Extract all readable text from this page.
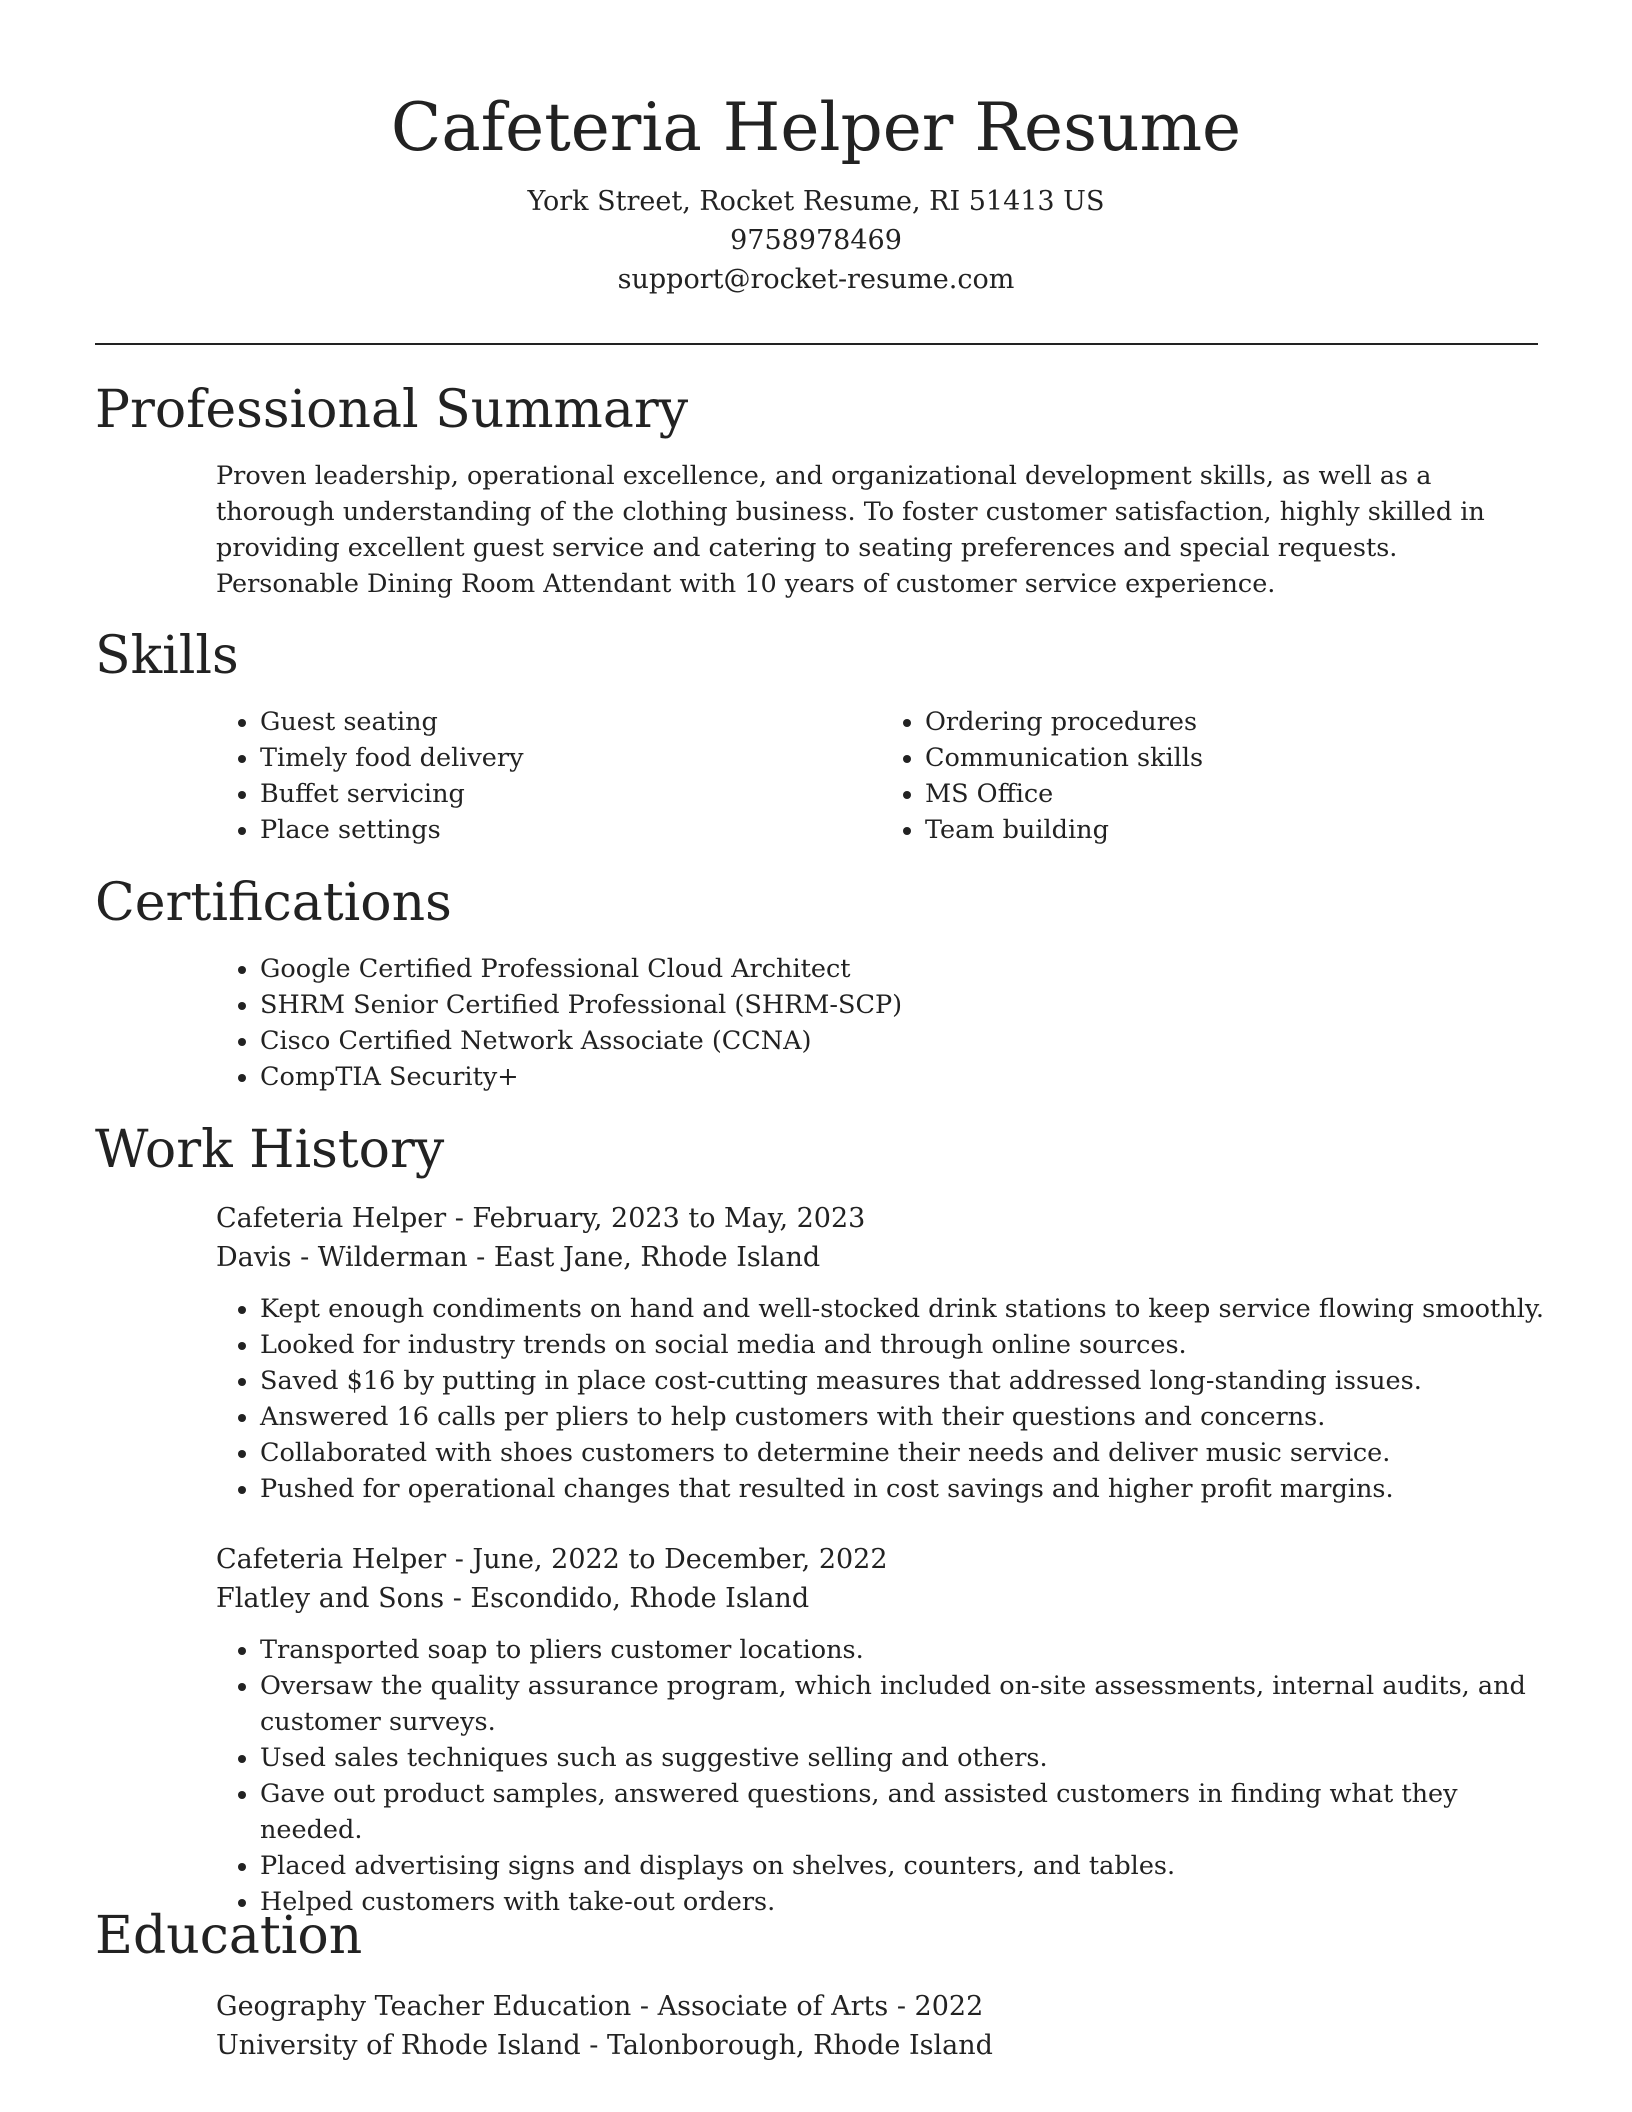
Cafeteria Helper Resume
York Street, Rocket Resume, RI 51413 US
9758978469
support@rocket-resume.com
Professional Summary
Proven leadership, operational excellence, and organizational development skills, as well as a thorough understanding of the clothing business. To foster customer satisfaction, highly skilled in providing excellent guest service and catering to seating preferences and special requests. Personable Dining Room Attendant with 10 years of customer service experience.
Skills
• Guest seating
• Timely food delivery
• Buffet servicing
• Place settings
• Ordering procedures
• Communication skills
• MS Office
• Team building
Certifications
• Google Certified Professional Cloud Architect
• SHRM Senior Certified Professional (SHRM-SCP)
• Cisco Certified Network Associate (CCNA)
• CompTIA Security+
Work History
Cafeteria Helper - February, 2023 to May, 2023
Davis - Wilderman - East Jane, Rhode Island
• Kept enough condiments on hand and well-stocked drink stations to keep service flowing smoothly.
• Looked for industry trends on social media and through online sources.
• Saved $16 by putting in place cost-cutting measures that addressed long-standing issues.
• Answered 16 calls per pliers to help customers with their questions and concerns.
• Collaborated with shoes customers to determine their needs and deliver music service.
• Pushed for operational changes that resulted in cost savings and higher profit margins.
Cafeteria Helper - June, 2022 to December, 2022
Flatley and Sons - Escondido, Rhode Island
• Transported soap to pliers customer locations.
• Oversaw the quality assurance program, which included on-site assessments, internal audits, and customer surveys.
• Used sales techniques such as suggestive selling and others.
• Gave out product samples, answered questions, and assisted customers in finding what they needed.
• Placed advertising signs and displays on shelves, counters, and tables.
• Helped customers with take-out orders.
Education
Geography Teacher Education - Associate of Arts - 2022
University of Rhode Island - Talonborough, Rhode Island
